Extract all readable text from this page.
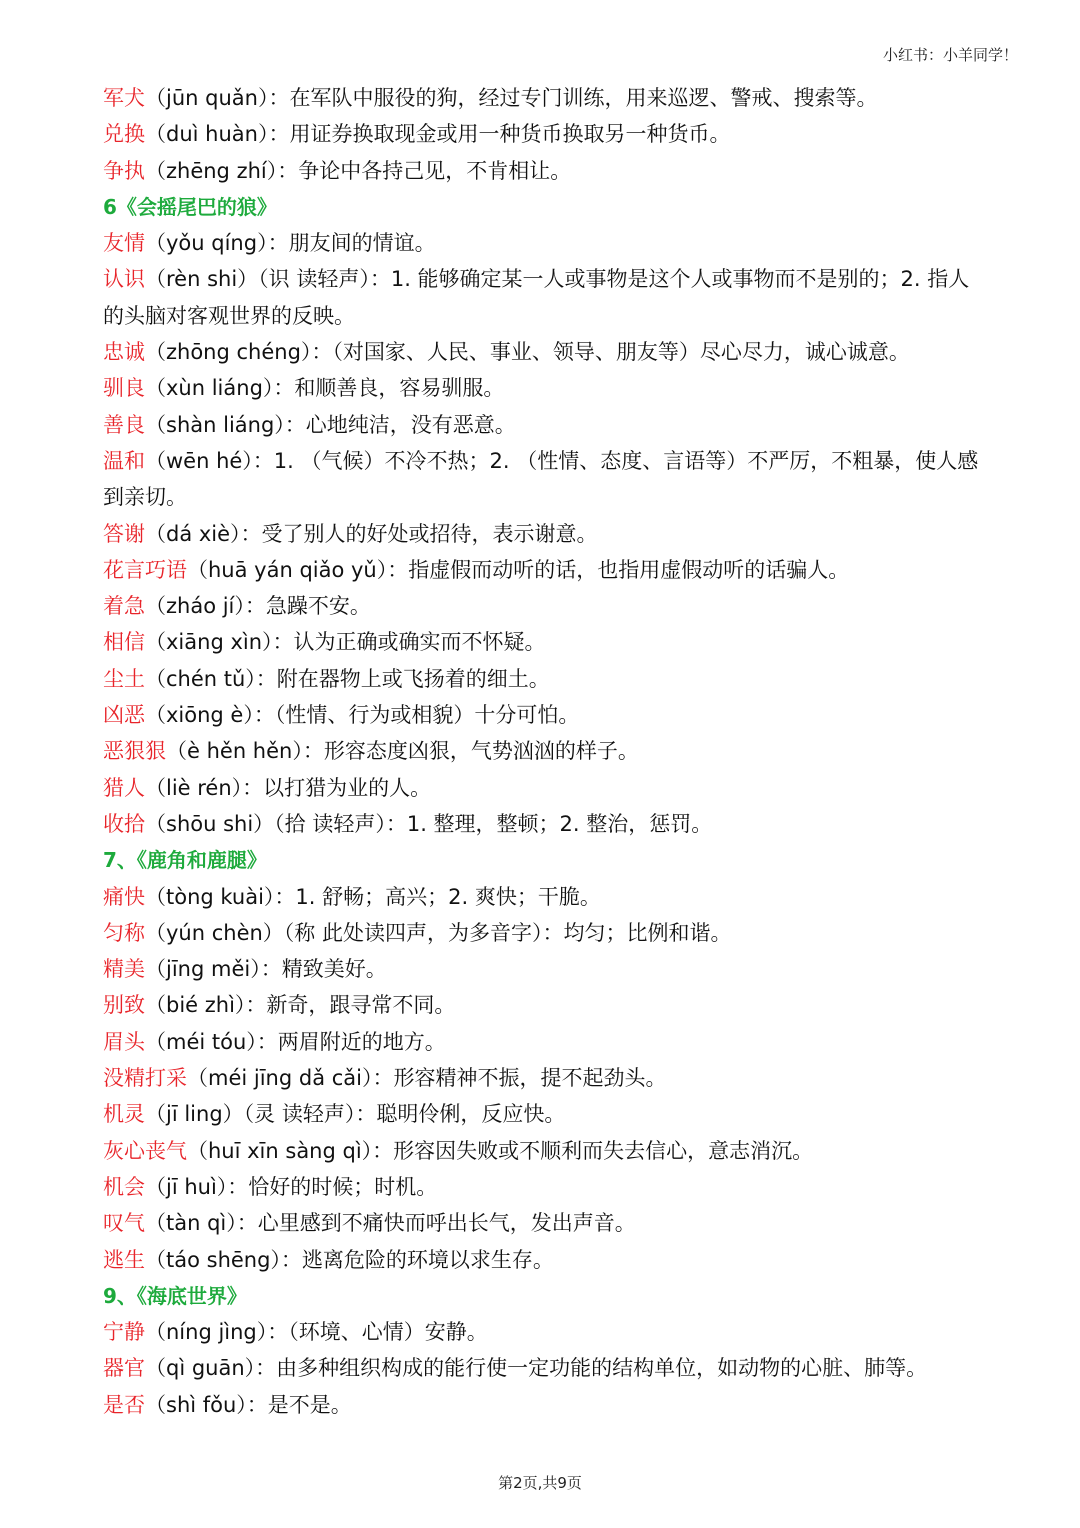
小红书：小羊同学！
军犬（jūn quǎn）：在军队中服役的狗，经过专门训练，用来巡逻、警戒、搜索等。
兑换（duì huàn）：用证券换取现金或用一种货币换取另一种货币。
争执（zhēng zhí）：争论中各持己见，不肯相让。
6《会摇尾巴的狼》
友情（yǒu qíng）：朋友间的情谊。
认识（rèn shi）（识 读轻声）：1. 能够确定某一人或事物是这个人或事物而不是别的；2. 指人的头脑对客观世界的反映。
忠诚（zhōng chéng）：（对国家、人民、事业、领导、朋友等）尽心尽力，诚心诚意。
驯良（xùn liáng）：和顺善良，容易驯服。
善良（shàn liáng）：心地纯洁，没有恶意。
温和（wēn hé）：1. （气候）不冷不热；2. （性情、态度、言语等）不严厉，不粗暴，使人感到亲切。
答谢（dá xiè）：受了别人的好处或招待，表示谢意。
花言巧语（huā yán qiǎo yǔ）：指虚假而动听的话，也指用虚假动听的话骗人。
着急（zháo jí）：急躁不安。
相信（xiāng xìn）：认为正确或确实而不怀疑。
尘土（chén tǔ）：附在器物上或飞扬着的细土。
凶恶（xiōng è）：（性情、行为或相貌）十分可怕。
恶狠狠（è hěn hěn）：形容态度凶狠，气势汹汹的样子。
猎人（liè rén）：以打猎为业的人。
收拾（shōu shi）（拾 读轻声）：1. 整理，整顿；2. 整治，惩罚。
7、《鹿角和鹿腿》
痛快（tòng kuài）：1. 舒畅；高兴；2. 爽快；干脆。
匀称（yún chèn）（称 此处读四声，为多音字）：均匀；比例和谐。
精美（jīng měi）：精致美好。
别致（bié zhì）：新奇，跟寻常不同。
眉头（méi tóu）：两眉附近的地方。
没精打采（méi jīng dǎ cǎi）：形容精神不振，提不起劲头。
机灵（jī ling）（灵 读轻声）：聪明伶俐，反应快。
灰心丧气（huī xīn sàng qì）：形容因失败或不顺利而失去信心，意志消沉。
机会（jī huì）：恰好的时候；时机。
叹气（tàn qì）：心里感到不痛快而呼出长气，发出声音。
逃生（táo shēng）：逃离危险的环境以求生存。
9、《海底世界》
宁静（níng jìng）：（环境、心情）安静。
器官（qì guān）：由多种组织构成的能行使一定功能的结构单位，如动物的心脏、肺等。
是否（shì fǒu）：是不是。
第2页,共9页
